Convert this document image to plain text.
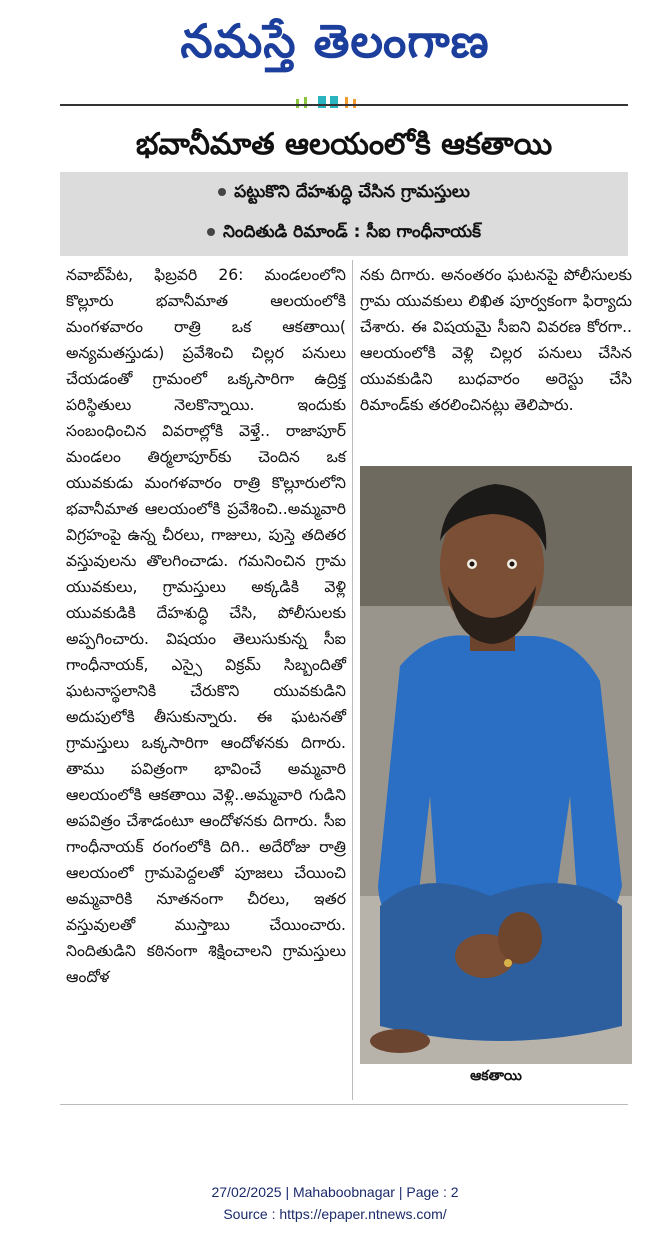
నమస్తే తెలంగాణ
భవానీమాత ఆలయంలోకి ఆకతాయి
పట్టుకొని దేహశుద్ధి చేసిన గ్రామస్తులు
నిందితుడి రిమాండ్ : సీఐ గాంధీనాయక్

నవాబ్‌పేట, ఫిబ్రవరి 26: మండలంలోని కొల్లూరు భవానీమాత ఆలయంలోకి మంగళవారం రాత్రి ఒక ఆకతాయి( అన్యమతస్తుడు) ప్రవేశించి చిల్లర పనులు చేయడంతో గ్రామంలో ఒక్కసారిగా ఉద్రిక్త పరిస్థితులు నెలకొన్నాయి. ఇందుకు సంబంధించిన వివరాల్లోకి వెళ్తే.. రాజాపూర్ మండలం తిర్మలాపూర్‌కు చెందిన ఒక యువకుడు మంగళవారం రాత్రి కొల్లూరులోని భవానీమాత ఆలయంలోకి ప్రవేశించి..అమ్మవారి విగ్రహంపై ఉన్న చీరలు, గాజులు, పుస్తె తదితర వస్తువులను తొలగించాడు. గమనించిన గ్రామ యువకులు, గ్రామస్తులు అక్కడికి వెళ్లి యువకుడికి దేహశుద్ధి చేసి, పోలీసులకు అప్పగించారు. విషయం తెలుసుకున్న సీఐ గాంధీనాయక్, ఎస్సై విక్రమ్ సిబ్బందితో ఘటనాస్థలానికి చేరుకొని యువకుడిని అదుపులోకి తీసుకున్నారు. ఈ ఘటనతో గ్రామస్తులు ఒక్కసారిగా ఆందోళనకు దిగారు. తాము పవిత్రంగా భావించే అమ్మవారి ఆలయంలోకి ఆకతాయి వెళ్లి..అమ్మవారి గుడిని అపవిత్రం చేశాడంటూ ఆందోళనకు దిగారు. సీఐ గాంధీనాయక్ రంగంలోకి దిగి.. అదేరోజు రాత్రి ఆలయంలో గ్రామపెద్దలతో పూజలు చేయించి అమ్మవారికి నూతనంగా చీరలు, ఇతర వస్తువులతో ముస్తాబు చేయించారు. నిందితుడిని కఠినంగా శిక్షించాలని గ్రామస్తులు ఆందోళ

నకు దిగారు. అనంతరం ఘటనపై పోలీసులకు గ్రామ యువకులు లిఖిత పూర్వకంగా ఫిర్యాదు చేశారు. ఈ విషయమై సీఐని వివరణ కోరగా.. ఆలయంలోకి వెళ్లి చిల్లర పనులు చేసిన యువకుడిని బుధవారం అరెస్టు చేసి రిమాండ్‌కు తరలించినట్లు తెలిపారు.

ఆకతాయి
27/02/2025 | Mahaboobnagar | Page : 2
Source : https://epaper.ntnews.com/
